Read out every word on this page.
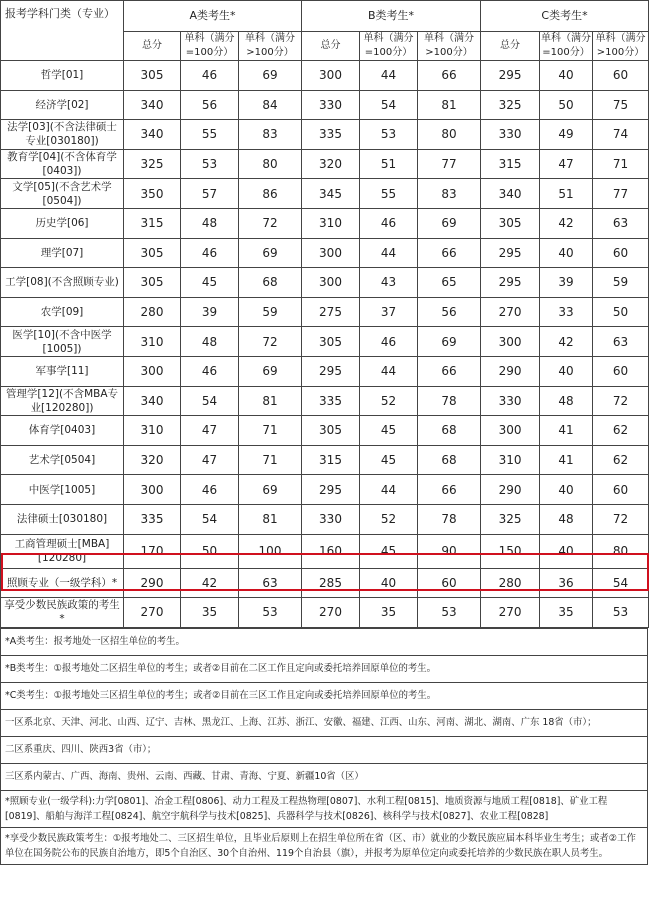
报考学科门类（专业）	A类考生*			B类考生*			C类考生*		
	总分	单科（满分=100分）	单科（满分>100分）	总分	单科（满分=100分）	单科（满分>100分）	总分	单科（满分=100分）	单科（满分>100分）
哲学[01]	305	46	69	300	44	66	295	40	60
经济学[02]	340	56	84	330	54	81	325	50	75
法学[03](不含法律硕士专业[030180])	340	55	83	335	53	80	330	49	74
教育学[04](不含体育学[0403])	325	53	80	320	51	77	315	47	71
文学[05](不含艺术学[0504])	350	57	86	345	55	83	340	51	77
历史学[06]	315	48	72	310	46	69	305	42	63
理学[07]	305	46	69	300	44	66	295	40	60
工学[08](不含照顾专业)	305	45	68	300	43	65	295	39	59
农学[09]	280	39	59	275	37	56	270	33	50
医学[10](不含中医学[1005])	310	48	72	305	46	69	300	42	63
军事学[11]	300	46	69	295	44	66	290	40	60
管理学[12](不含MBA专业[120280])	340	54	81	335	52	78	330	48	72
体育学[0403]	310	47	71	305	45	68	300	41	62
艺术学[0504]	320	47	71	315	45	68	310	41	62
中医学[1005]	300	46	69	295	44	66	290	40	60
法律硕士[030180]	335	54	81	330	52	78	325	48	72
工商管理硕士[MBA][120280]	170	50	100	160	45	90	150	40	80
照顾专业（一级学科）*	290	42	63	285	40	60	280	36	54
享受少数民族政策的考生*	270	35	53	270	35	53	270	35	53
*A类考生：报考地处一区招生单位的考生。
*B类考生：①报考地处二区招生单位的考生；或者②目前在二区工作且定向或委托培养回原单位的考生。
*C类考生：①报考地处三区招生单位的考生；或者②目前在三区工作且定向或委托培养回原单位的考生。
一区系北京、天津、河北、山西、辽宁、吉林、黑龙江、上海、江苏、浙江、安徽、福建、江西、山东、河南、湖北、湖南、广东 18省（市）；
二区系重庆、四川、陕西3省（市）；
三区系内蒙古、广西、海南、贵州、云南、西藏、甘肃、青海、宁夏、新疆10省（区）
*照顾专业(一级学科):力学[0801]、冶金工程[0806]、动力工程及工程热物理[0807]、水利工程[0815]、地质资源与地质工程[0818]、矿业工程[0819]、船舶与海洋工程[0824]、航空宇航科学与技术[0825]、兵器科学与技术[0826]、核科学与技术[0827]、农业工程[0828]
*享受少数民族政策考生：①报考地处二、三区招生单位，且毕业后原则上在招生单位所在省（区、市）就业的少数民族应届本科毕业生考生；或者②工作单位在国务院公布的民族自治地方，即5个自治区、30个自治州、119个自治县（旗），并报考为原单位定向或委托培养的少数民族在职人员考生。
